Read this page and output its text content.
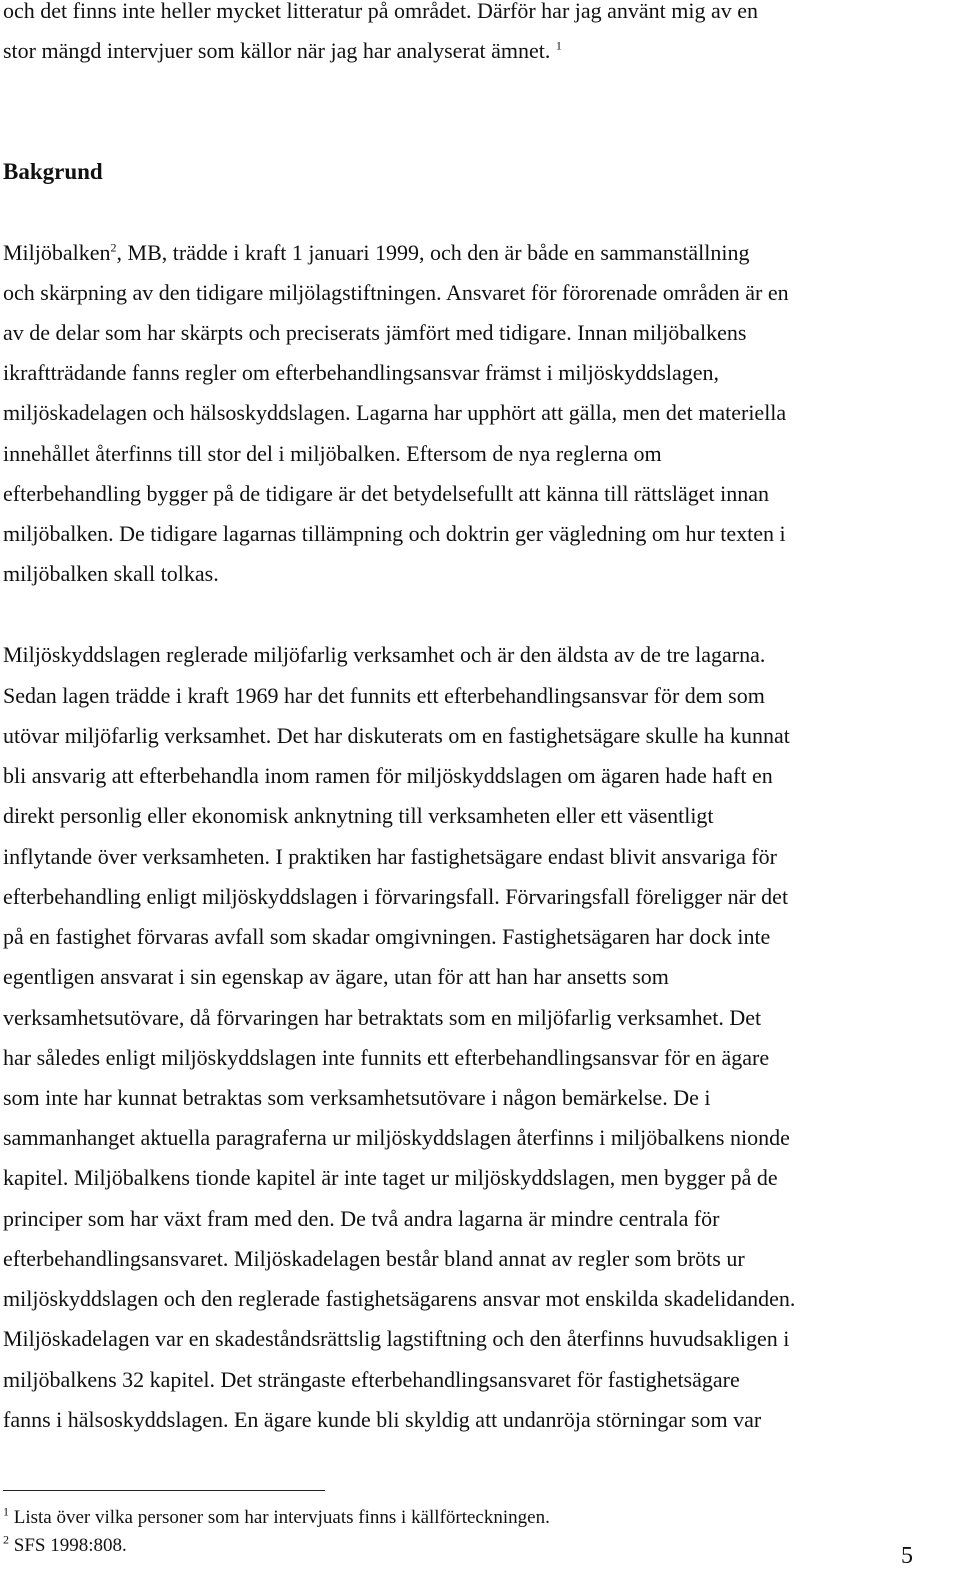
och det finns inte heller mycket litteratur på området. Därför har jag använt mig av en
stor mängd intervjuer som källor när jag har analyserat ämnet. $^1$
Bakgrund
Miljöbalken$^2$, MB, trädde i kraft 1 januari 1999, och den är både en sammanställning
och skärpning av den tidigare miljölagstiftningen. Ansvaret för förorenade områden är en
av de delar som har skärpts och preciserats jämfört med tidigare. Innan miljöbalkens
ikraftträdande fanns regler om efterbehandlingsansvar främst i miljöskyddslagen,
miljöskadelagen och hälsoskyddslagen. Lagarna har upphört att gälla, men det materiella
innehållet återfinns till stor del i miljöbalken. Eftersom de nya reglerna om
efterbehandling bygger på de tidigare är det betydelsefullt att känna till rättsläget innan
miljöbalken. De tidigare lagarnas tillämpning och doktrin ger vägledning om hur texten i
miljöbalken skall tolkas.
Miljöskyddslagen reglerade miljöfarlig verksamhet och är den äldsta av de tre lagarna.
Sedan lagen trädde i kraft 1969 har det funnits ett efterbehandlingsansvar för dem som
utövar miljöfarlig verksamhet. Det har diskuterats om en fastighetsägare skulle ha kunnat
bli ansvarig att efterbehandla inom ramen för miljöskyddslagen om ägaren hade haft en
direkt personlig eller ekonomisk anknytning till verksamheten eller ett väsentligt
inflytande över verksamheten. I praktiken har fastighetsägare endast blivit ansvariga för
efterbehandling enligt miljöskyddslagen i förvaringsfall. Förvaringsfall föreligger när det
på en fastighet förvaras avfall som skadar omgivningen. Fastighetsägaren har dock inte
egentligen ansvarat i sin egenskap av ägare, utan för att han har ansetts som
verksamhetsutövare, då förvaringen har betraktats som en miljöfarlig verksamhet. Det
har således enligt miljöskyddslagen inte funnits ett efterbehandlingsansvar för en ägare
som inte har kunnat betraktas som verksamhetsutövare i någon bemärkelse. De i
sammanhanget aktuella paragraferna ur miljöskyddslagen återfinns i miljöbalkens nionde
kapitel. Miljöbalkens tionde kapitel är inte taget ur miljöskyddslagen, men bygger på de
principer som har växt fram med den. De två andra lagarna är mindre centrala för
efterbehandlingsansvaret. Miljöskadelagen består bland annat av regler som bröts ur
miljöskyddslagen och den reglerade fastighetsägarens ansvar mot enskilda skadelidanden.
Miljöskadelagen var en skadeståndsrättslig lagstiftning och den återfinns huvudsakligen i
miljöbalkens 32 kapitel. Det strängaste efterbehandlingsansvaret för fastighetsägare
fanns i hälsoskyddslagen. En ägare kunde bli skyldig att undanröja störningar som var
$^1$ Lista över vilka personer som har intervjuats finns i källförteckningen.
$^2$ SFS 1998:808.	5
